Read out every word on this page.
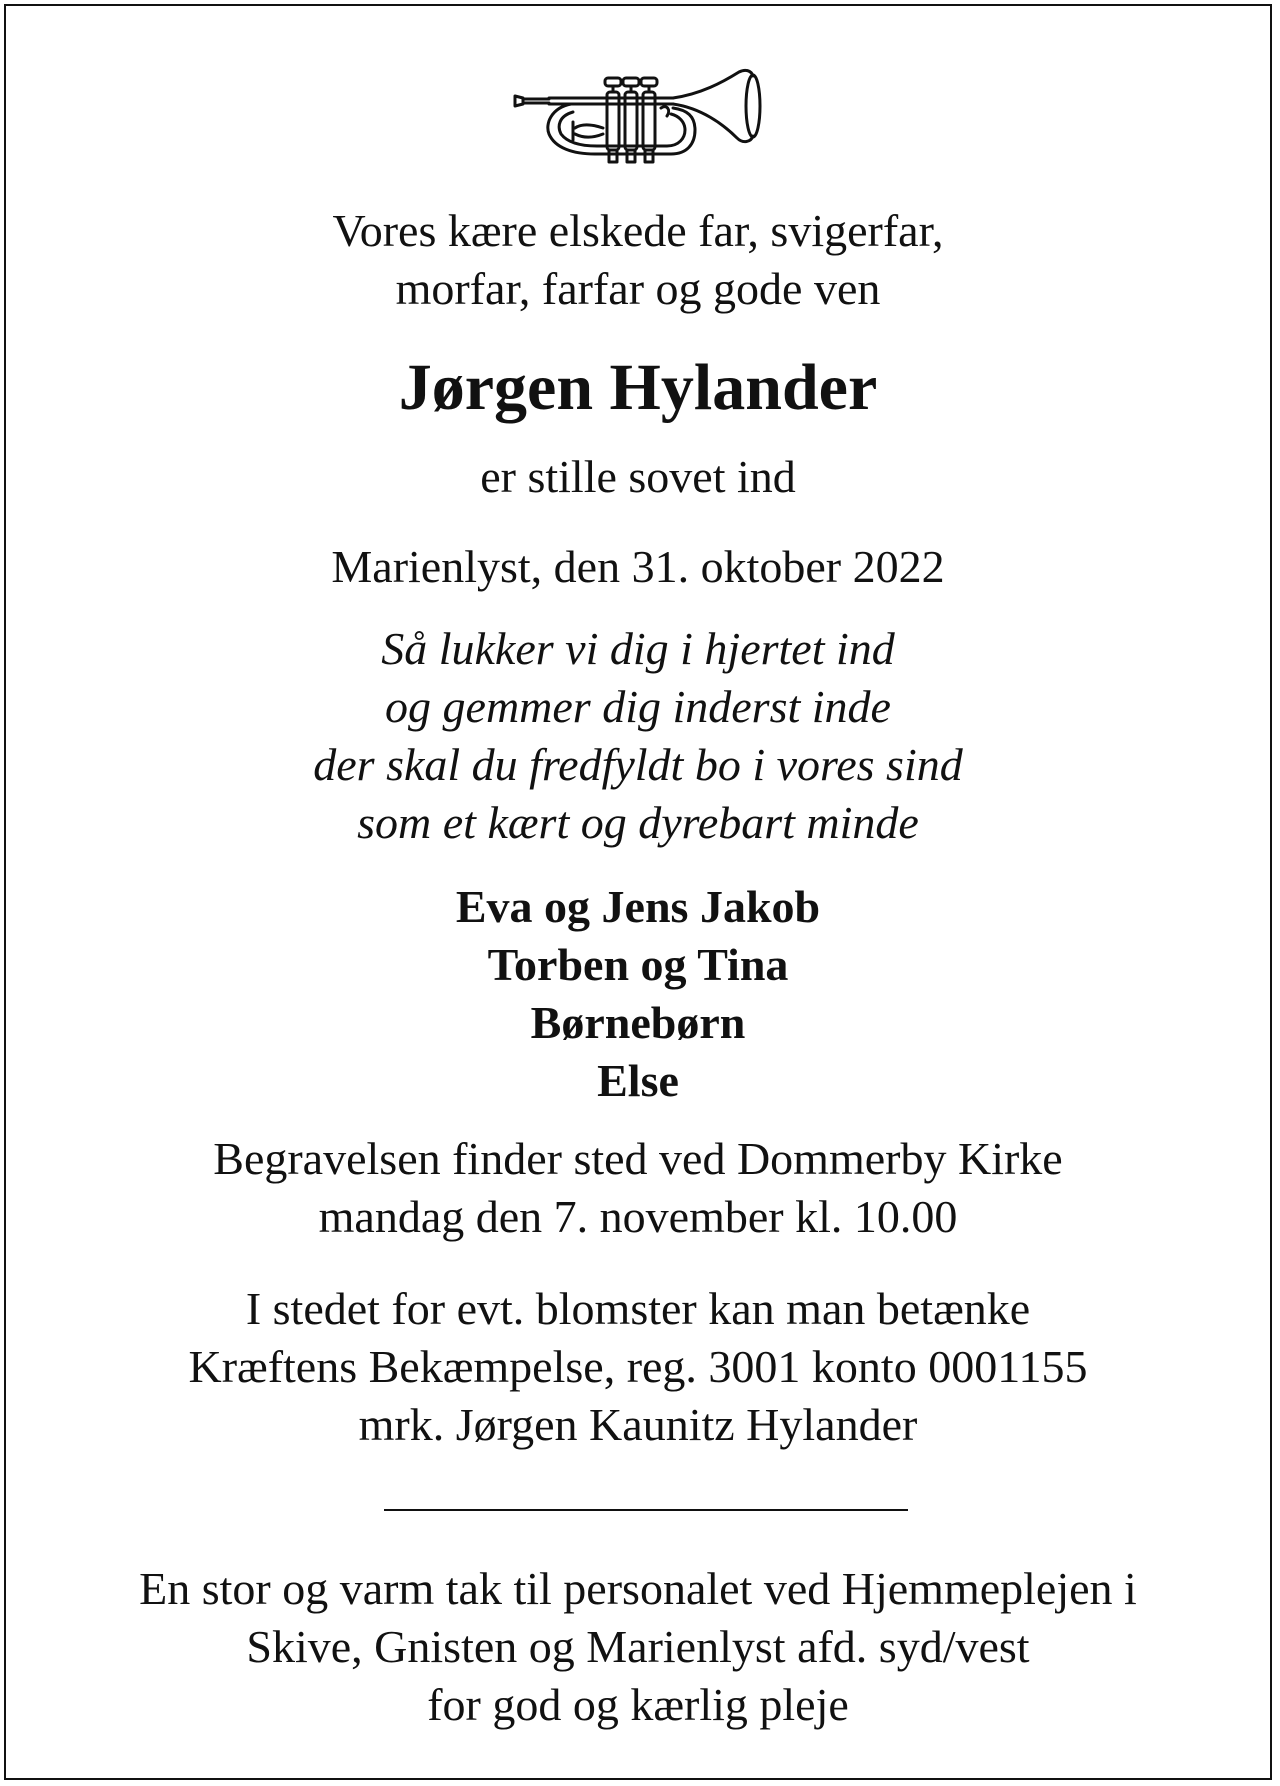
Vores kære elskede far, svigerfar,
morfar, farfar og gode ven
Jørgen Hylander
er stille sovet ind
Marienlyst, den 31. oktober 2022
Så lukker vi dig i hjertet ind
og gemmer dig inderst inde
der skal du fredfyldt bo i vores sind
som et kært og dyrebart minde
Eva og Jens Jakob
Torben og Tina
Børnebørn
Else
Begravelsen finder sted ved Dommerby Kirke
mandag den 7. november kl. 10.00
I stedet for evt. blomster kan man betænke
Kræftens Bekæmpelse, reg. 3001 konto 0001155
mrk. Jørgen Kaunitz Hylander
En stor og varm tak til personalet ved Hjemmeplejen i
Skive, Gnisten og Marienlyst afd. syd/vest
for god og kærlig pleje
